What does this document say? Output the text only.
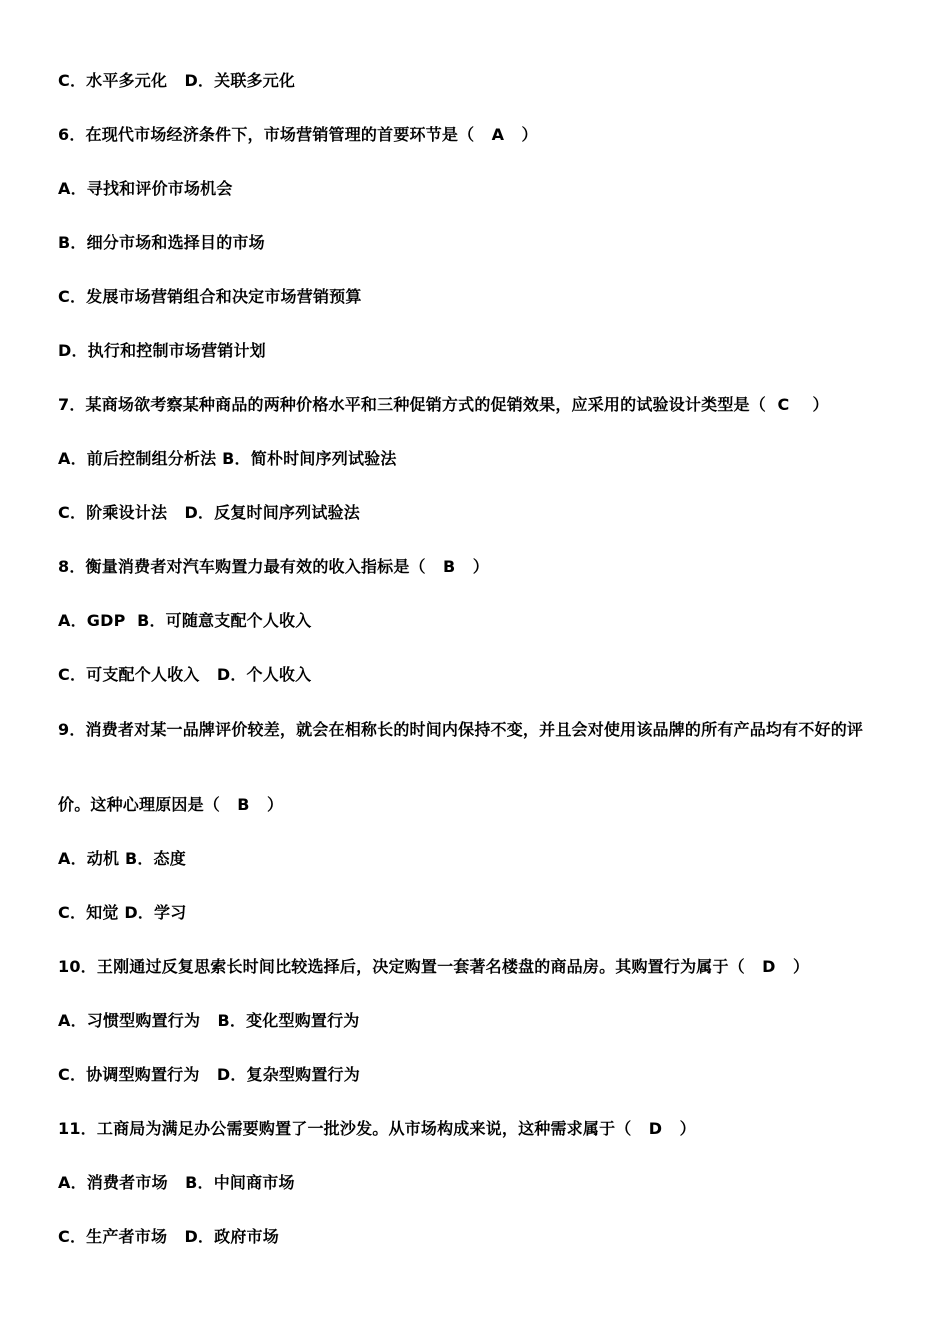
C．水平多元化   D．关联多元化
6．在现代市场经济条件下，市场营销管理的首要环节是（   A   ）
A．寻找和评价市场机会
B．细分市场和选择目的市场
C．发展市场营销组合和决定市场营销预算
D．执行和控制市场营销计划
7．某商场欲考察某种商品的两种价格水平和三种促销方式的促销效果，应采用的试验设计类型是（  C    ）
A．前后控制组分析法 B．简朴时间序列试验法
C．阶乘设计法   D．反复时间序列试验法
8．衡量消费者对汽车购置力最有效的收入指标是（   B   ）
A．GDP  B．可随意支配个人收入
C．可支配个人收入   D．个人收入
9．消费者对某一品牌评价较差，就会在相称长的时间内保持不变，并且会对使用该品牌的所有产品均有不好的评
价。这种心理原因是（   B   ）
A．动机 B．态度
C．知觉 D．学习
10．王刚通过反复思索长时间比较选择后，决定购置一套著名楼盘的商品房。其购置行为属于（   D   ）
A．习惯型购置行为   B．变化型购置行为
C．协调型购置行为   D．复杂型购置行为
11．工商局为满足办公需要购置了一批沙发。从市场构成来说，这种需求属于（   D   ）
A．消费者市场   B．中间商市场
C．生产者市场   D．政府市场
